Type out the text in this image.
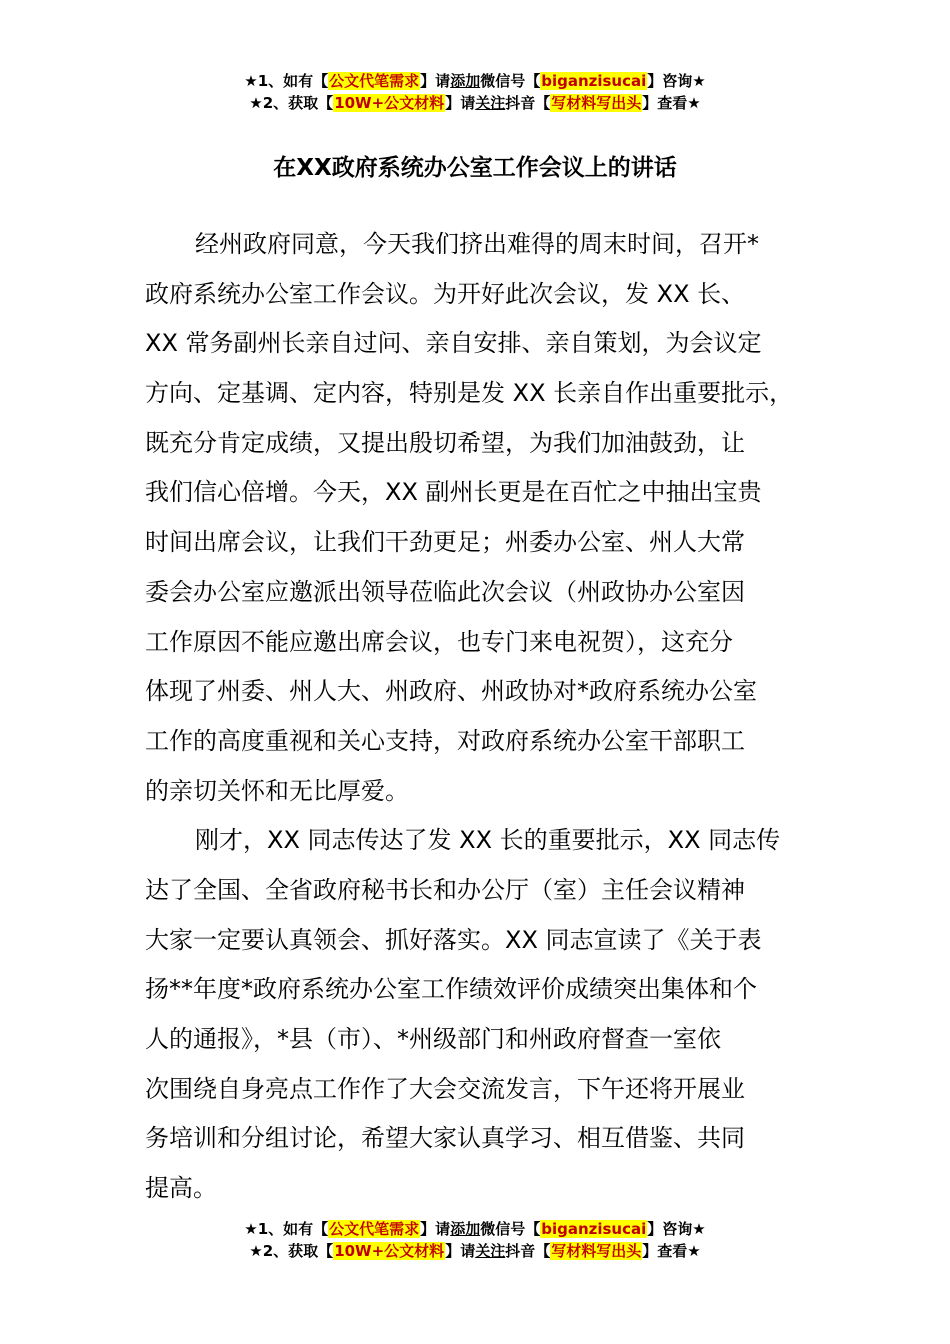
★1、如有【公文代笔需求】请添加微信号【biganzisucai】咨询★
★2、获取【10W+公文材料】请关注抖音【写材料写出头】查看★
在XX政府系统办公室工作会议上的讲话
经州政府同意，今天我们挤出难得的周末时间，召开*
政府系统办公室工作会议。为开好此次会议，发 XX 长、
XX 常务副州长亲自过问、亲自安排、亲自策划，为会议定
方向、定基调、定内容，特别是发 XX 长亲自作出重要批示，
既充分肯定成绩，又提出殷切希望，为我们加油鼓劲，让
我们信心倍增。今天，XX 副州长更是在百忙之中抽出宝贵
时间出席会议，让我们干劲更足；州委办公室、州人大常
委会办公室应邀派出领导莅临此次会议（州政协办公室因
工作原因不能应邀出席会议，也专门来电祝贺），这充分
体现了州委、州人大、州政府、州政协对*政府系统办公室
工作的高度重视和关心支持，对政府系统办公室干部职工
的亲切关怀和无比厚爱。
刚才，XX 同志传达了发 XX 长的重要批示，XX 同志传
达了全国、全省政府秘书长和办公厅（室）主任会议精神
大家一定要认真领会、抓好落实。XX 同志宣读了《关于表
扬**年度*政府系统办公室工作绩效评价成绩突出集体和个
人的通报》，*县（市）、*州级部门和州政府督查一室依
次围绕自身亮点工作作了大会交流发言，下午还将开展业
务培训和分组讨论，希望大家认真学习、相互借鉴、共同
提高。
★1、如有【公文代笔需求】请添加微信号【biganzisucai】咨询★
★2、获取【10W+公文材料】请关注抖音【写材料写出头】查看★
